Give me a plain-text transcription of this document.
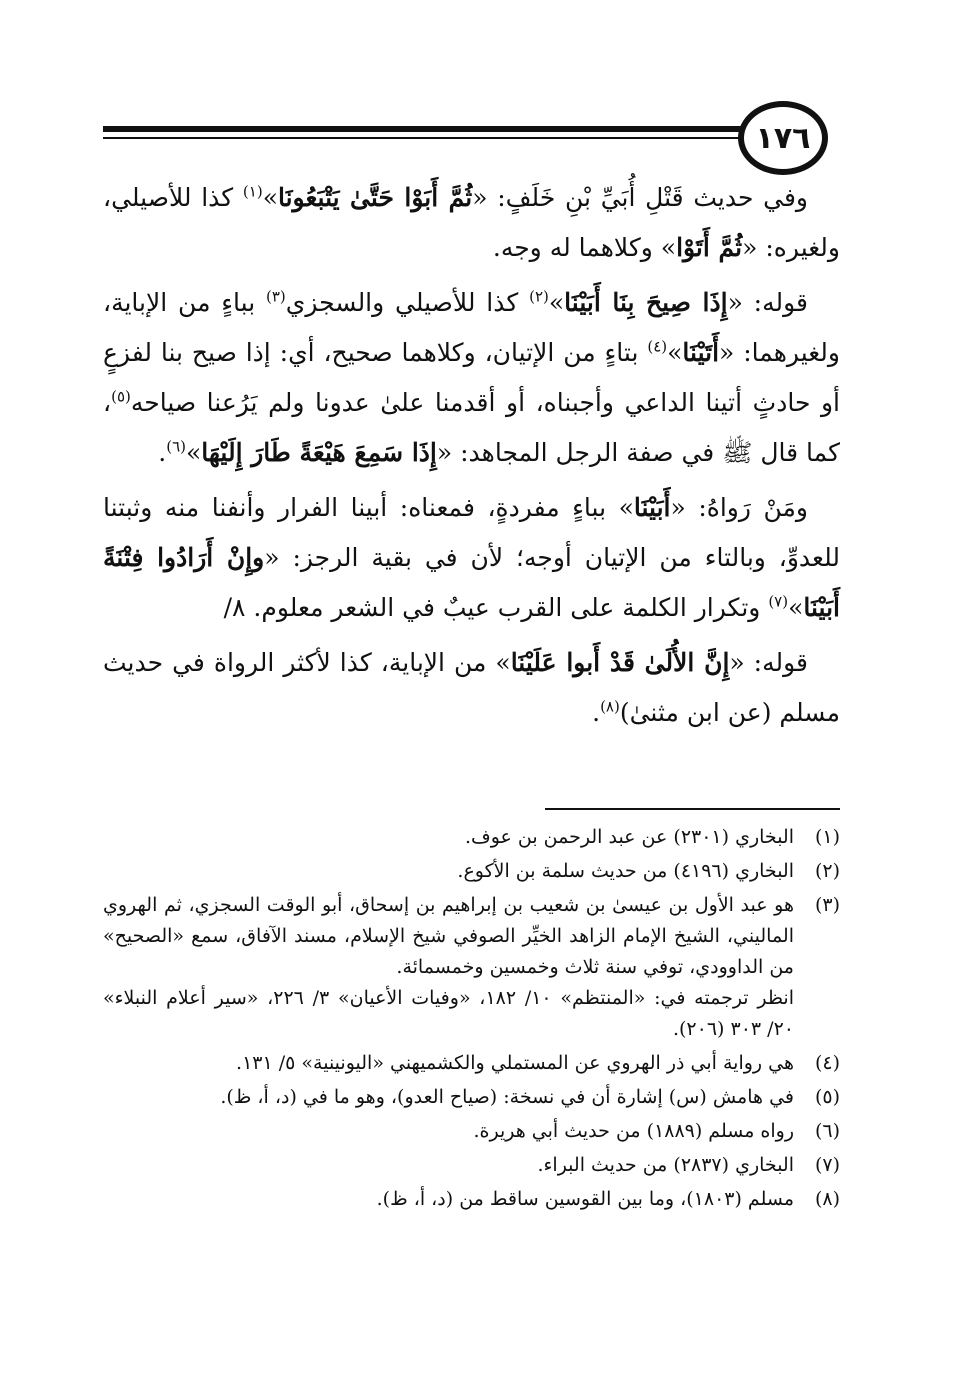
١٧٦

وفي حديث قَتْلِ أُبَيِّ بْنِ خَلَفٍ: «ثُمَّ أَبَوْا حَتَّىٰ يَتْبَعُونَا»$^{(١)}$ كذا للأصيلي، ولغيره: «ثُمَّ أَتَوْا» وكلاهما له وجه.

قوله: «إِذَا صِيحَ بِنَا أَبَيْنَا»$^{(٢)}$ كذا للأصيلي والسجزي$^{(٣)}$ بباءٍ من الإباية، ولغيرهما: «أَتَيْنَا»$^{(٤)}$ بتاءٍ من الإتيان، وكلاهما صحيح، أي: إذا صيح بنا لفزعٍ أو حادثٍ أتينا الداعي وأجبناه، أو أقدمنا علىٰ عدونا ولم يَرُعنا صياحه$^{(٥)}$، كما قال ﷺ في صفة الرجل المجاهد: «إِذَا سَمِعَ هَيْعَةً طَارَ إِلَيْهَا»$^{(٦)}$.

ومَنْ رَواهُ: «أَبَيْنَا» بباءٍ مفردةٍ، فمعناه: أبينا الفرار وأنفنا منه وثبتنا للعدوِّ، وبالتاء من الإتيان أوجه؛ لأن في بقية الرجز: «وإِنْ أَرَادُوا فِتْنَةً أَبَيْنَا»$^{(٧)}$ وتكرار الكلمة على القرب عيبٌ في الشعر معلوم. ٨/

قوله: «إِنَّ الأُلَىٰ قَدْ أَبوا عَلَيْنَا» من الإباية، كذا لأكثر الرواة في حديث مسلم (عن ابن مثنىٰ)$^{(٨)}$.

(١)
البخاري (٢٣٠١) عن عبد الرحمن بن عوف.
(٢)
البخاري (٤١٩٦) من حديث سلمة بن الأكوع.
(٣)
هو عبد الأول بن عيسىٰ بن شعيب بن إبراهيم بن إسحاق، أبو الوقت السجزي، ثم الهروي الماليني، الشيخ الإمام الزاهد الخيِّر الصوفي شيخ الإسلام، مسند الآفاق، سمع «الصحيح» من الداوودي، توفي سنة ثلاث وخمسين وخمسمائة.
انظر ترجمته في: «المنتظم» ١٠/ ١٨٢، «وفيات الأعيان» ٣/ ٢٢٦، «سير أعلام النبلاء» ٢٠/ ٣٠٣ (٢٠٦).
(٤)
هي رواية أبي ذر الهروي عن المستملي والكشميهني «اليونينية» ٥/ ١٣١.
(٥)
في هامش (س) إشارة أن في نسخة: (صياح العدو)، وهو ما في (د، أ، ظ).
(٦)
رواه مسلم (١٨٨٩) من حديث أبي هريرة.
(٧)
البخاري (٢٨٣٧) من حديث البراء.
(٨)
مسلم (١٨٠٣)، وما بين القوسين ساقط من (د، أ، ظ).
